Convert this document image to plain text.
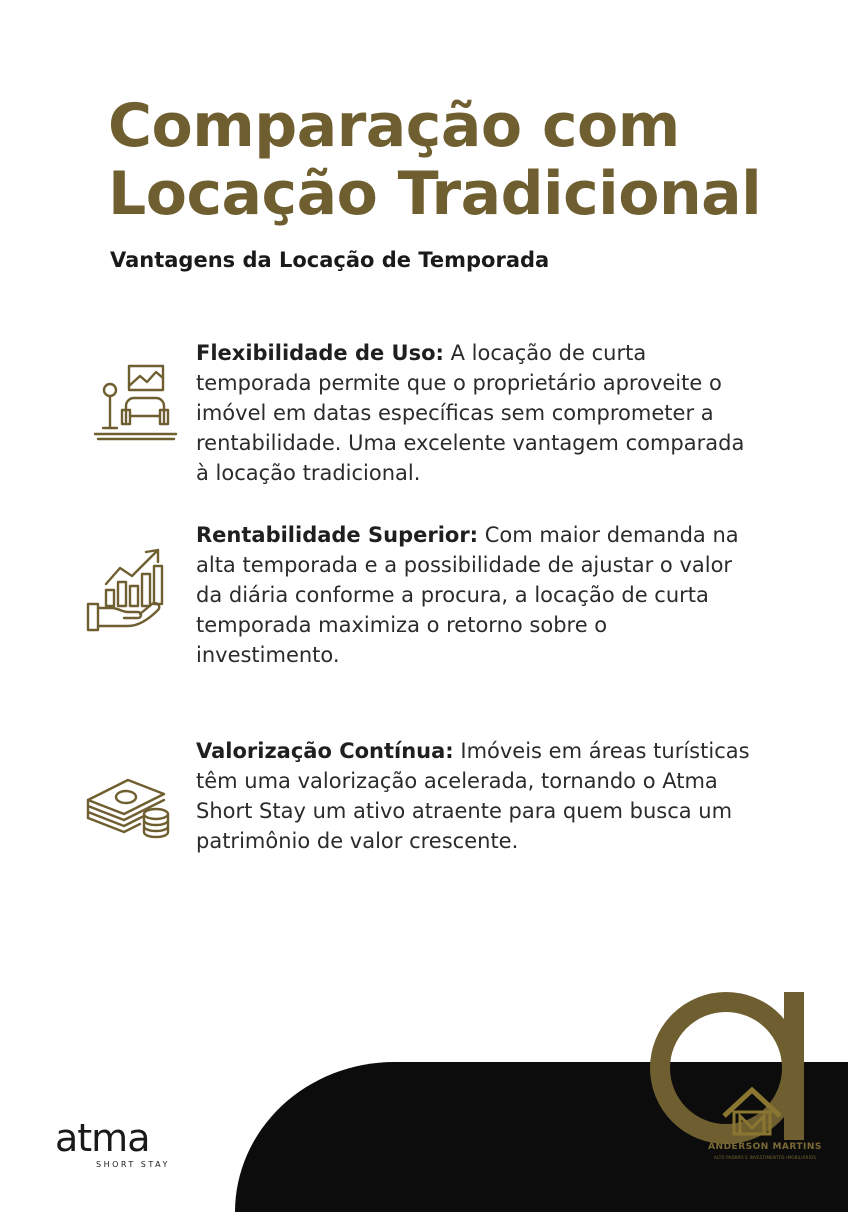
Comparação com
Locação Tradicional
Vantagens da Locação de Temporada
Flexibilidade de Uso: A locação de curta temporada permite que o proprietário aproveite o imóvel em datas específicas sem comprometer a rentabilidade. Uma excelente vantagem comparada à locação tradicional.
Rentabilidade Superior: Com maior demanda na alta temporada e a possibilidade de ajustar o valor da diária conforme a procura, a locação de curta temporada maximiza o retorno sobre o investimento.
Valorização Contínua: Imóveis em áreas turísticas têm uma valorização acelerada, tornando o Atma Short Stay um ativo atraente para quem busca um patrimônio de valor crescente.
ANDERSON MARTINS
ALTO PADRÃO E INVESTIMENTOS IMOBILIÁRIOS
atma
SHORT STAY
